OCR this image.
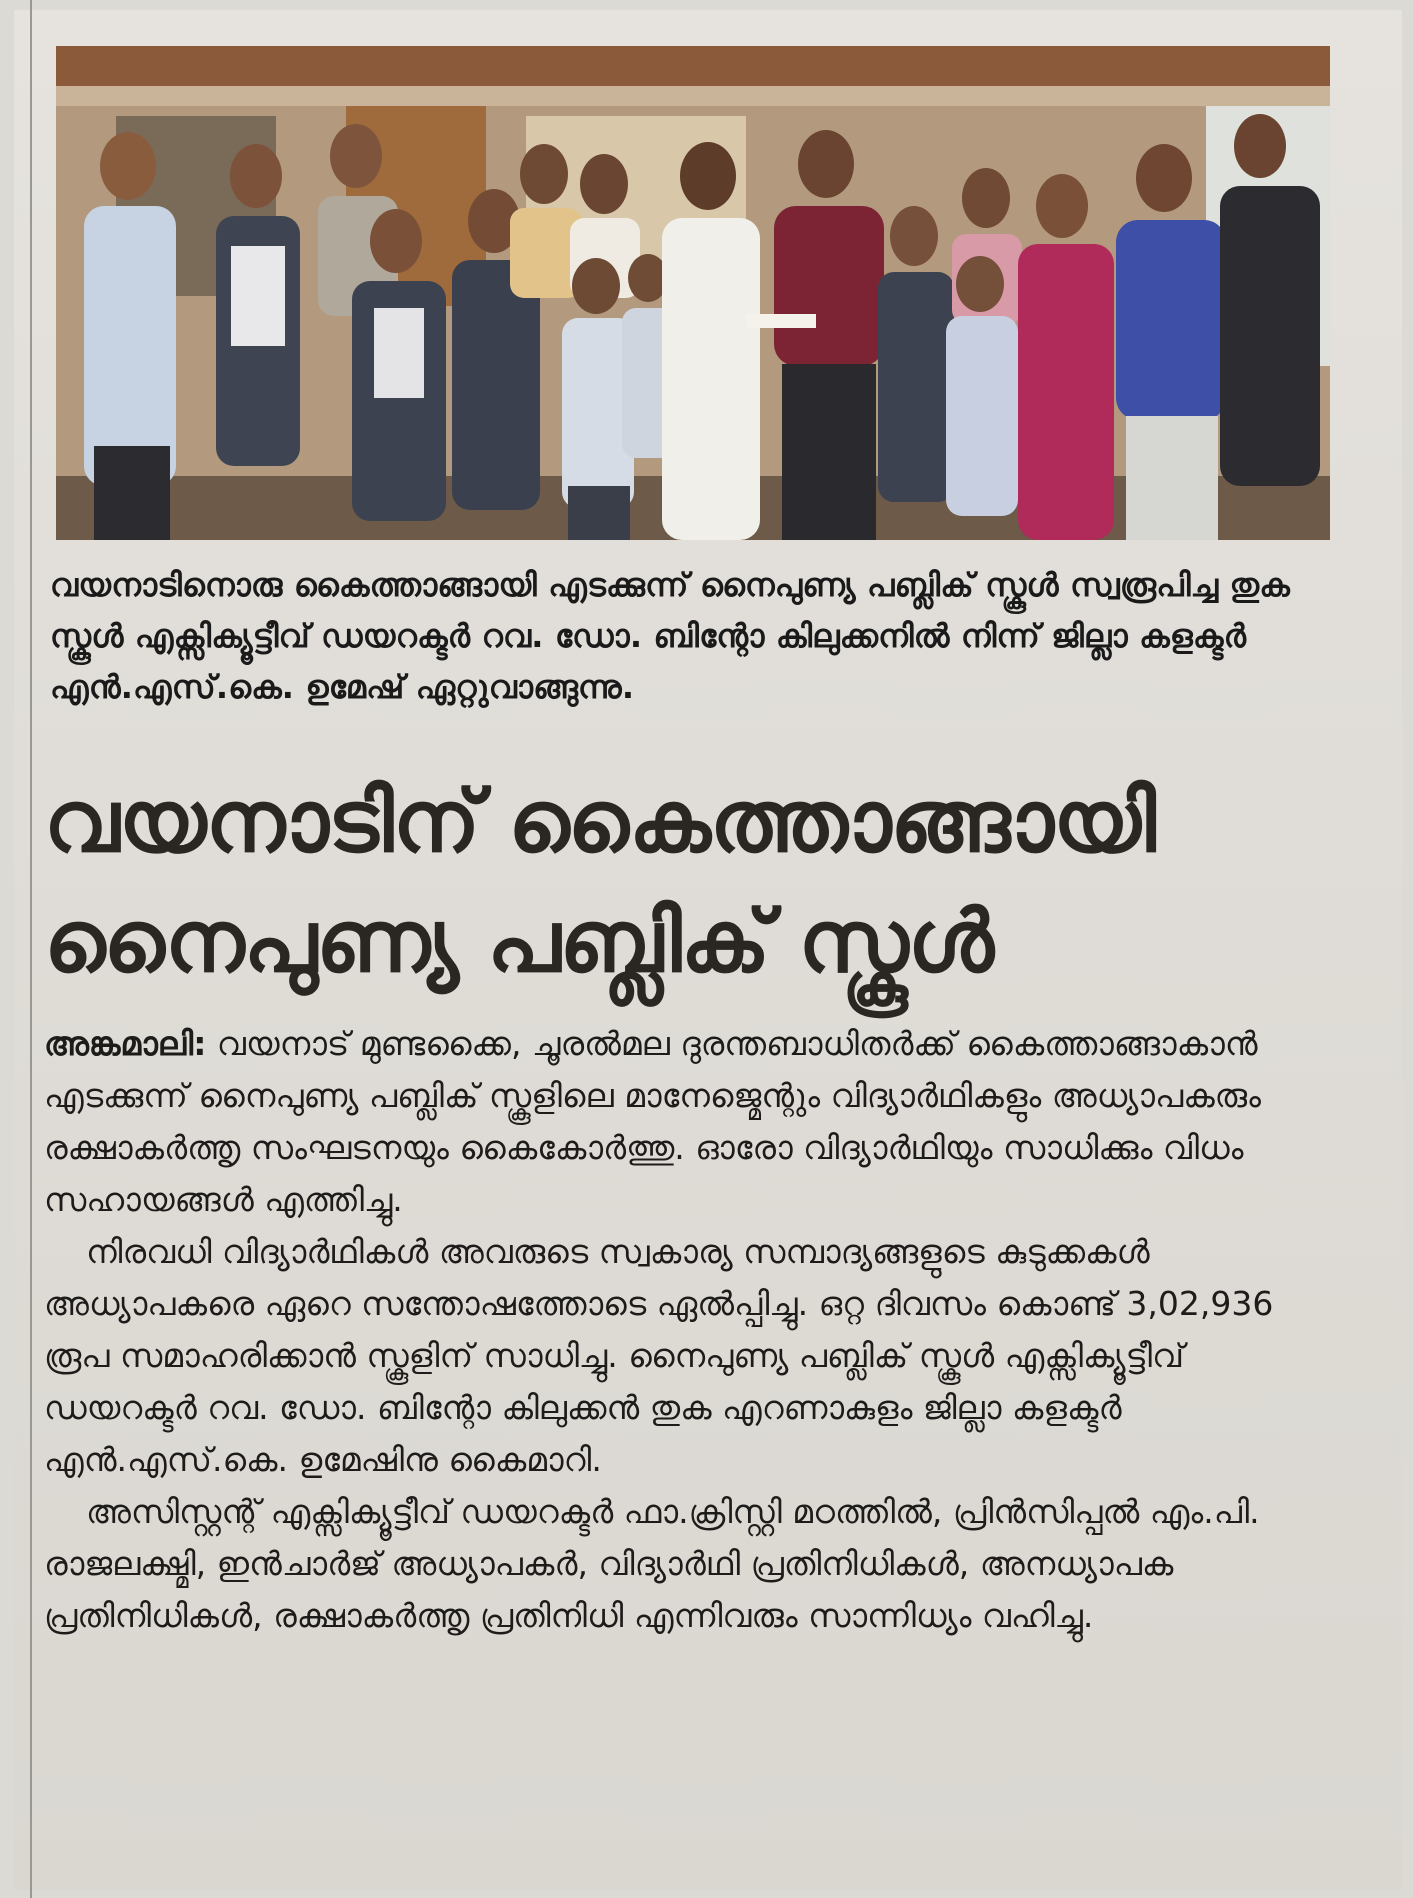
വയനാടിനൊരു കൈത്താങ്ങായി എടക്കുന്ന് നൈപുണ്യ പബ്ലിക് സ്കൂൾ സ്വരൂപിച്ച തുക സ്കൂൾ എക്സിക്യൂട്ടീവ് ഡയറക്ടർ റവ. ഡോ. ബിന്റോ കിലുക്കനിൽ നിന്ന് ജില്ലാ കളക്ടർ എൻ.എസ്.കെ. ഉമേഷ് ഏറ്റുവാങ്ങുന്നു.
വയനാടിന് കൈത്താങ്ങായി
നൈപുണ്യ പബ്ലിക് സ്കൂൾ

അങ്കമാലി: വയനാട് മുണ്ടക്കൈ, ചൂരൽമല ദുരന്തബാധിതർക്ക് കൈത്താങ്ങാകാൻ എടക്കുന്ന് നൈപുണ്യ പബ്ലിക് സ്കൂളിലെ മാനേജ്മെന്റും വിദ്യാർഥികളും അധ്യാപകരും രക്ഷാകർത്തൃ സംഘടനയും കൈകോർത്തു. ഓരോ വിദ്യാർഥിയും സാധിക്കും വിധം സഹായങ്ങൾ എത്തിച്ചു.

നിരവധി വിദ്യാർഥികൾ അവരുടെ സ്വകാര്യ സമ്പാദ്യങ്ങളുടെ കുടുക്കകൾ അധ്യാപകരെ ഏറെ സന്തോഷത്തോടെ ഏൽപ്പിച്ചു. ഒറ്റ ദിവസം കൊണ്ട് 3,02,936 രൂപ സമാഹരിക്കാൻ സ്കൂളിന് സാധിച്ചു. നൈപുണ്യ പബ്ലിക് സ്കൂൾ എക്സിക്യൂട്ടീവ് ഡയറക്ടർ റവ. ഡോ. ബിന്റോ കിലുക്കൻ തുക എറണാകുളം ജില്ലാ കളക്ടർ എൻ.എസ്.കെ. ഉമേഷിനു കൈമാറി.

അസിസ്റ്റന്റ് എക്സിക്യൂട്ടീവ് ഡയറക്ടർ ഫാ.ക്രിസ്റ്റി മഠത്തിൽ, പ്രിൻസിപ്പൽ എം.പി. രാജലക്ഷ്മി, ഇൻചാർജ് അധ്യാപകർ, വിദ്യാർഥി പ്രതിനിധികൾ, അനധ്യാപക പ്രതിനിധികൾ, രക്ഷാകർത്തൃ പ്രതിനിധി എന്നിവരും സാന്നിധ്യം വഹിച്ചു.
